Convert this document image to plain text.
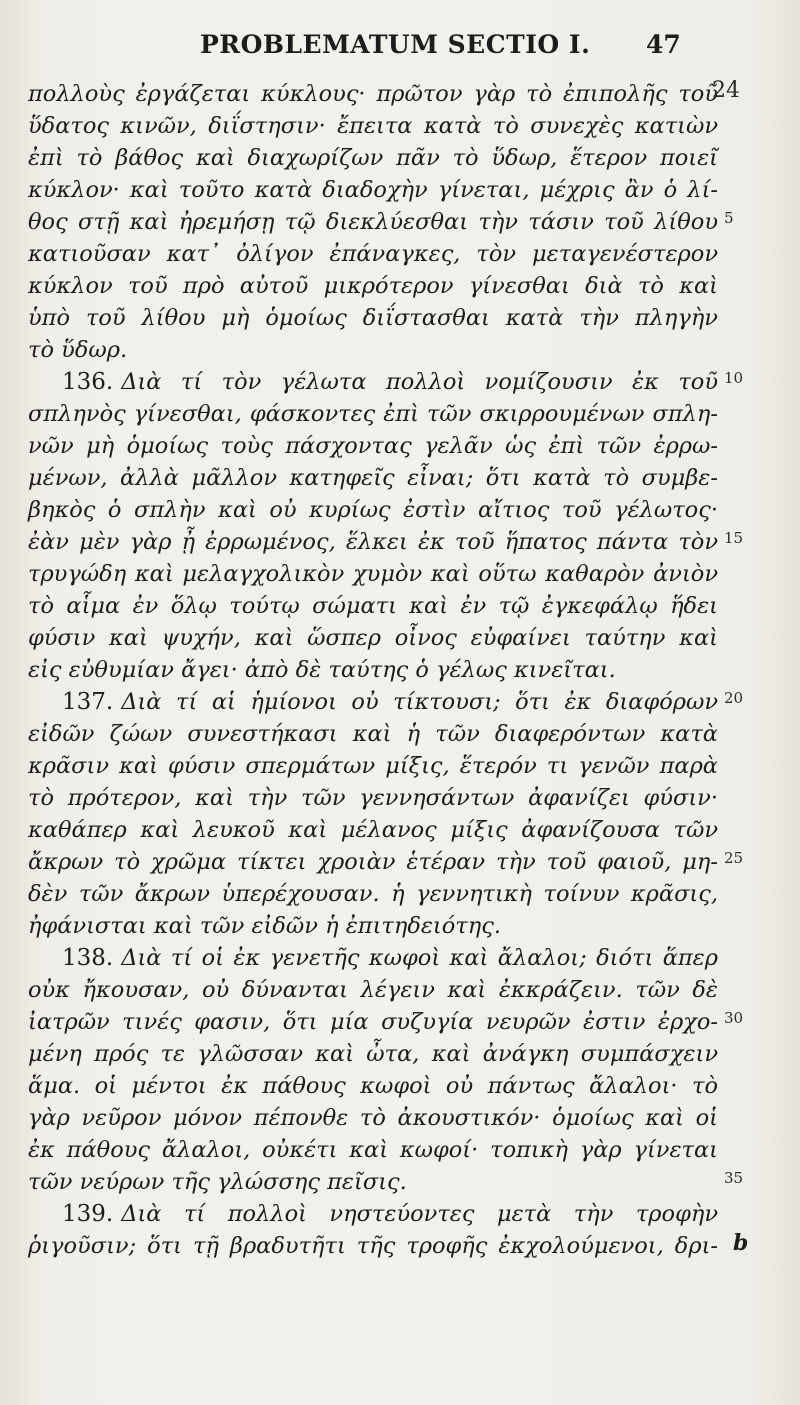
PROBLEMATUM SECTIO I. 47
πολλοὺς ἐργάζεται κύκλους· πρῶτον γὰρ τὸ ἐπιπολῆς τοῦ
ὕδατος κινῶν, διΐστησιν· ἔπειτα κατὰ τὸ συνεχὲς κατιὼν
ἐπὶ τὸ βάθος καὶ διαχωρίζων πᾶν τὸ ὕδωρ, ἕτερον ποιεῖ
κύκλον· καὶ τοῦτο κατὰ διαδοχὴν γίνεται, μέχρις ἂν ὁ λί-
θος στῇ καὶ ἠρεμήσῃ τῷ διεκλύεσθαι τὴν τάσιν τοῦ λίθου
κατιοῦσαν κατ᾽ ὀλίγον ἐπάναγκες, τὸν μεταγενέστερον
κύκλον τοῦ πρὸ αὐτοῦ μικρότερον γίνεσθαι διὰ τὸ καὶ
ὑπὸ τοῦ λίθου μὴ ὁμοίως διΐστασθαι κατὰ τὴν πληγὴν
τὸ ὕδωρ.
136. Διὰ τί τὸν γέλωτα πολλοὶ νομίζουσιν ἐκ τοῦ
σπληνὸς γίνεσθαι, φάσκοντες ἐπὶ τῶν σκιρρουμένων σπλη-
νῶν μὴ ὁμοίως τοὺς πάσχοντας γελᾶν ὡς ἐπὶ τῶν ἐρρω-
μένων, ἀλλὰ μᾶλλον κατηφεῖς εἶναι; ὅτι κατὰ τὸ συμβε-
βηκὸς ὁ σπλὴν καὶ οὐ κυρίως ἐστὶν αἴτιος τοῦ γέλωτος·
ἐὰν μὲν γὰρ ᾖ ἐρρωμένος, ἕλκει ἐκ τοῦ ἥπατος πάντα τὸν
τρυγώδη καὶ μελαγχολικὸν χυμὸν καὶ οὕτω καθαρὸν ἀνιὸν
τὸ αἷμα ἐν ὅλῳ τούτῳ σώματι καὶ ἐν τῷ ἐγκεφάλῳ ἥδει
φύσιν καὶ ψυχήν, καὶ ὥσπερ οἶνος εὐφαίνει ταύτην καὶ
εἰς εὐθυμίαν ἄγει· ἀπὸ δὲ ταύτης ὁ γέλως κινεῖται.
137. Διὰ τί αἱ ἡμίονοι οὐ τίκτουσι; ὅτι ἐκ διαφόρων
εἰδῶν ζώων συνεστήκασι καὶ ἡ τῶν διαφερόντων κατὰ
κρᾶσιν καὶ φύσιν σπερμάτων μίξις, ἕτερόν τι γενῶν παρὰ
τὸ πρότερον, καὶ τὴν τῶν γεννησάντων ἀφανίζει φύσιν·
καθάπερ καὶ λευκοῦ καὶ μέλανος μίξις ἀφανίζουσα τῶν
ἄκρων τὸ χρῶμα τίκτει χροιὰν ἑτέραν τὴν τοῦ φαιοῦ, μη-
δὲν τῶν ἄκρων ὑπερέχουσαν. ἡ γεννητικὴ τοίνυν κρᾶσις,
ἠφάνισται καὶ τῶν εἰδῶν ἡ ἐπιτηδειότης.
138. Διὰ τί οἱ ἐκ γενετῆς κωφοὶ καὶ ἄλαλοι; διότι ἅπερ
οὐκ ἤκουσαν, οὐ δύνανται λέγειν καὶ ἐκκράζειν. τῶν δὲ
ἰατρῶν τινές φασιν, ὅτι μία συζυγία νευρῶν ἐστιν ἐρχο-
μένη πρός τε γλῶσσαν καὶ ὦτα, καὶ ἀνάγκη συμπάσχειν
ἅμα. οἱ μέντοι ἐκ πάθους κωφοὶ οὐ πάντως ἄλαλοι· τὸ
γὰρ νεῦρον μόνον πέπονθε τὸ ἀκουστικόν· ὁμοίως καὶ οἱ
ἐκ πάθους ἄλαλοι, οὐκέτι καὶ κωφοί· τοπικὴ γὰρ γίνεται
τῶν νεύρων τῆς γλώσσης πεῖσις.
139. Διὰ τί πολλοὶ νηστεύοντες μετὰ τὴν τροφὴν
ῥιγοῦσιν; ὅτι τῇ βραδυτῆτι τῆς τροφῆς ἐκχολούμενοι, δρι-
24
5
10
15
20
25
30
35
b
